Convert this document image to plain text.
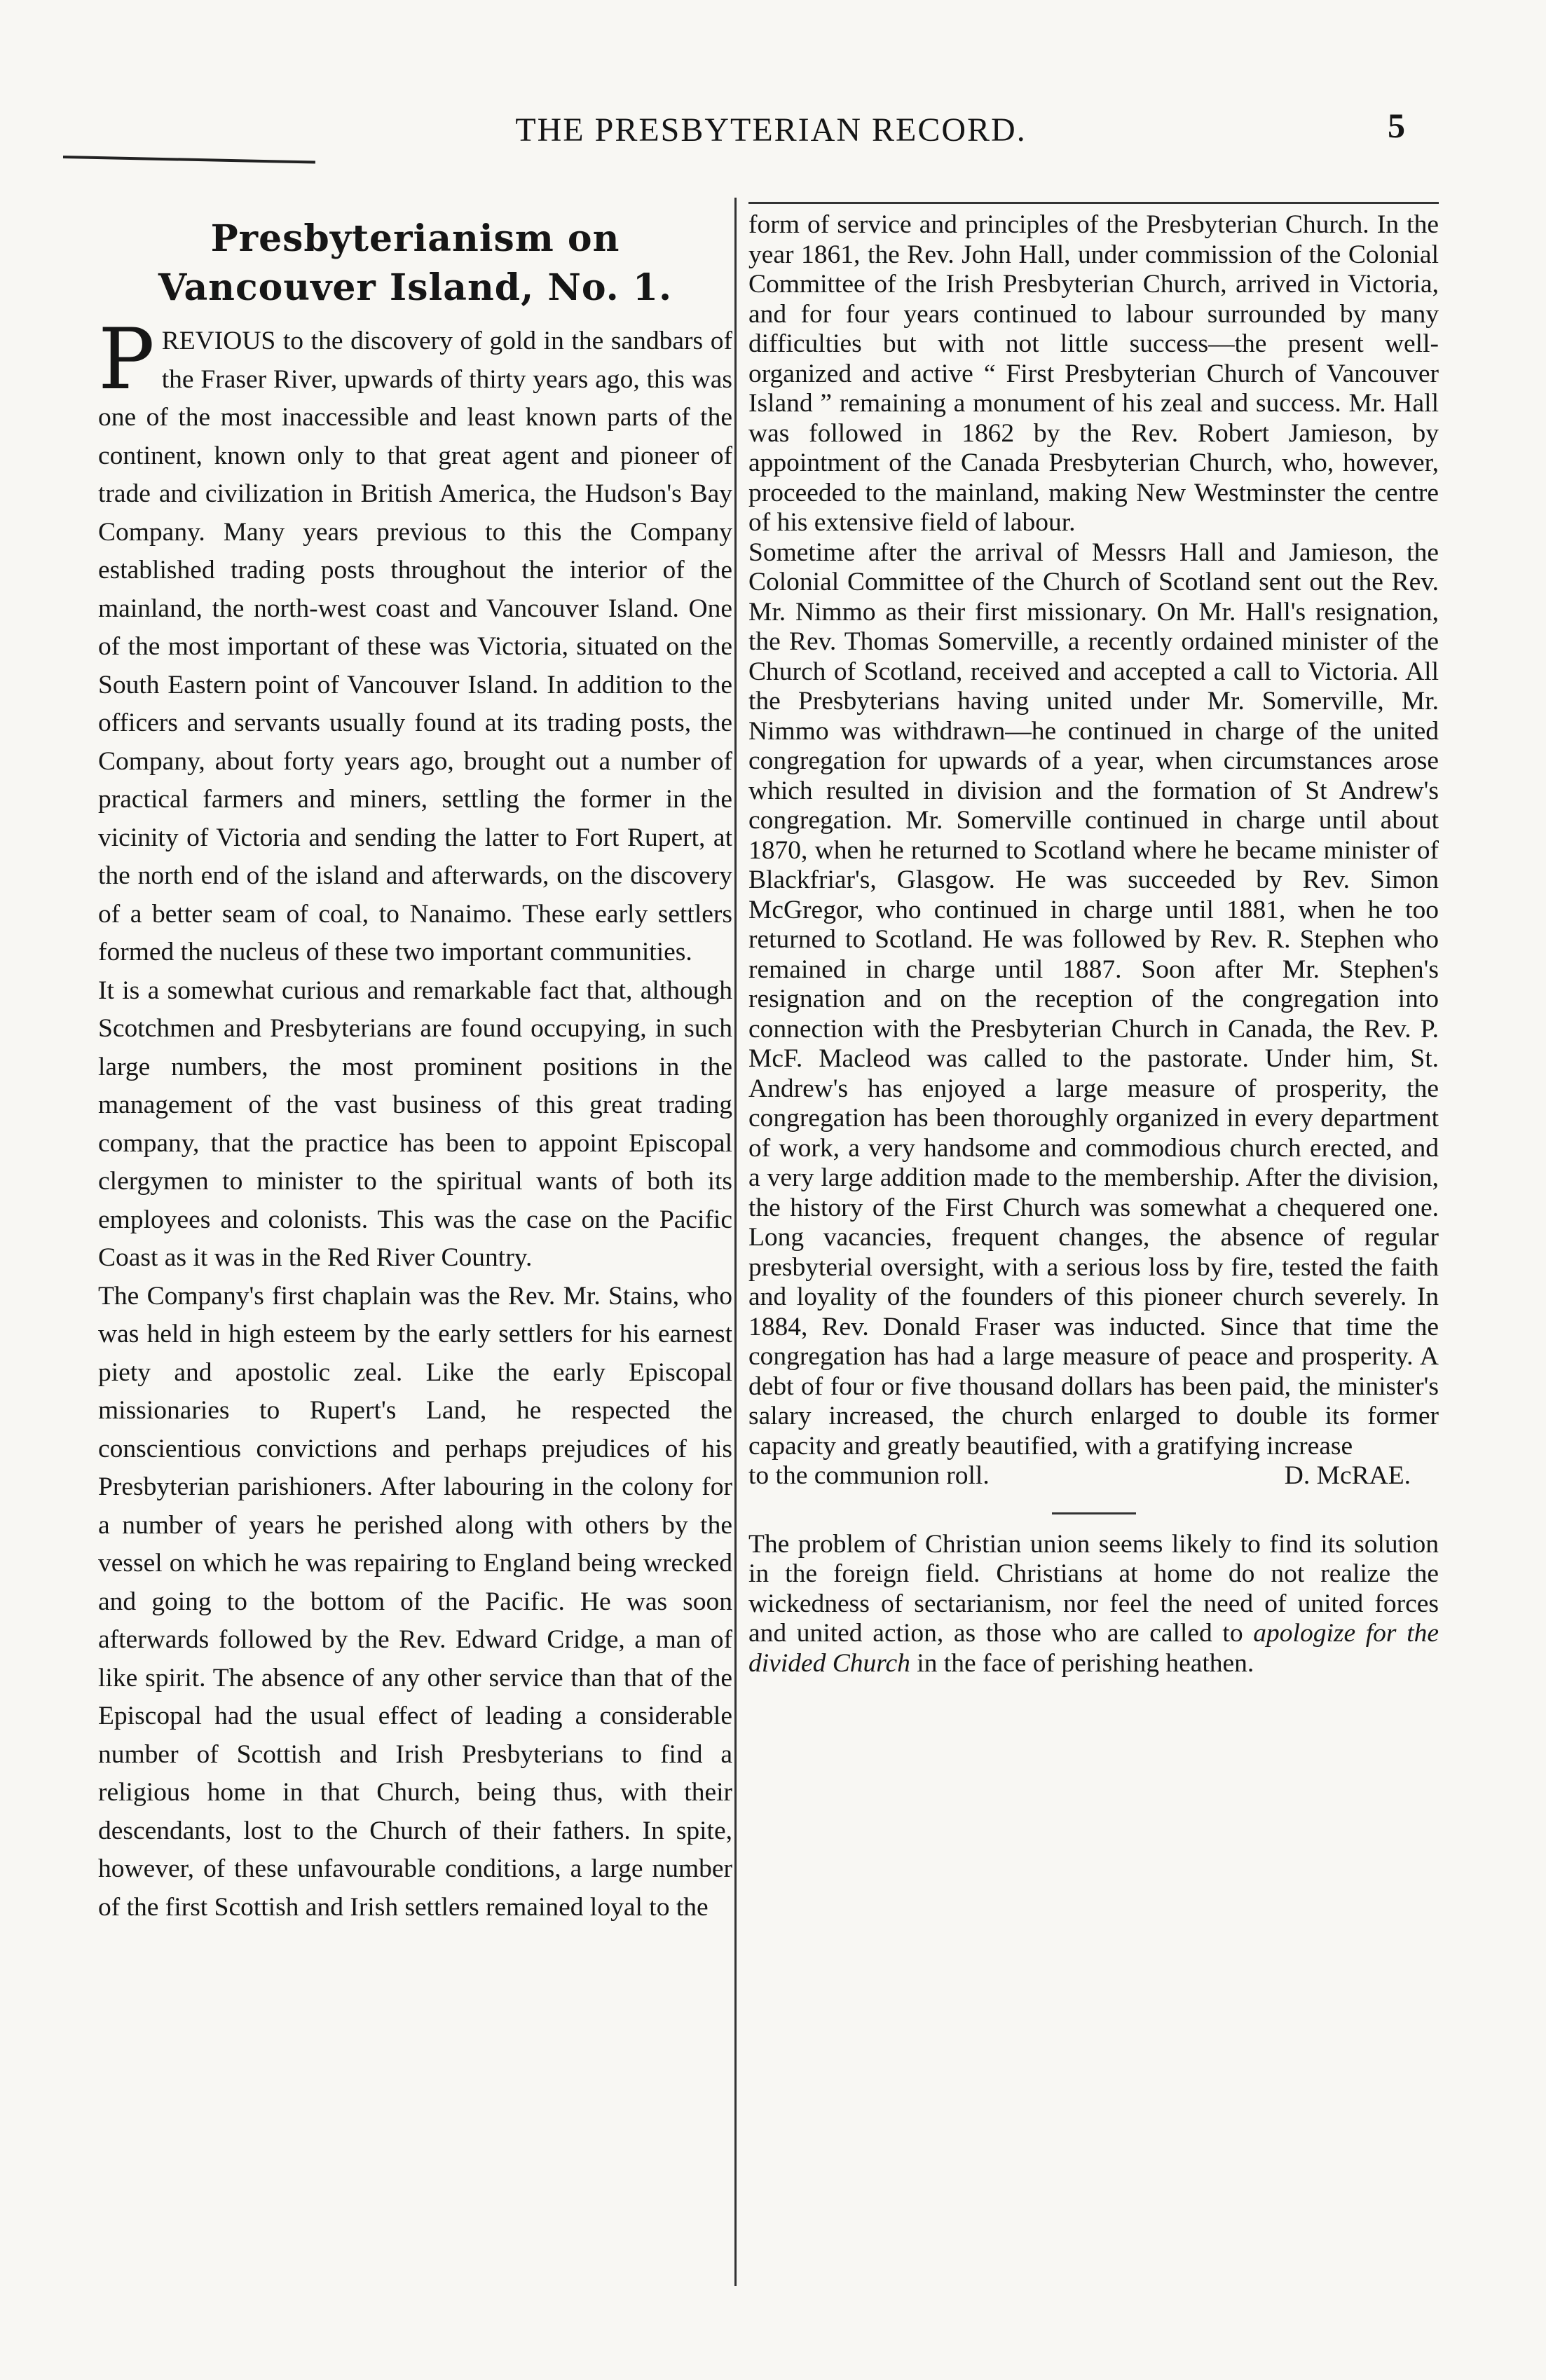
THE PRESBYTERIAN RECORD.	5
Presbyterianism on Vancouver Island, No. 1.

PREVIOUS to the discovery of gold in the sandbars of the Fraser River, upwards of thirty years ago, this was one of the most inaccessible and least known parts of the continent, known only to that great agent and pioneer of trade and civilization in British America, the Hudson's Bay Company. Many years previous to this the Company established trading posts throughout the interior of the mainland, the north-west coast and Vancouver Island. One of the most important of these was Victoria, situated on the South Eastern point of Vancouver Island. In addition to the officers and servants usually found at its trading posts, the Company, about forty years ago, brought out a number of practical farmers and miners, settling the former in the vicinity of Victoria and sending the latter to Fort Rupert, at the north end of the island and afterwards, on the discovery of a better seam of coal, to Nanaimo. These early settlers formed the nucleus of these two important communities.

It is a somewhat curious and remarkable fact that, although Scotchmen and Presbyterians are found occupying, in such large numbers, the most prominent positions in the management of the vast business of this great trading company, that the practice has been to appoint Episcopal clergymen to minister to the spiritual wants of both its employees and colonists. This was the case on the Pacific Coast as it was in the Red River Country.

The Company's first chaplain was the Rev. Mr. Stains, who was held in high esteem by the early settlers for his earnest piety and apostolic zeal. Like the early Episcopal missionaries to Rupert's Land, he respected the conscientious convictions and perhaps prejudices of his Presbyterian parishioners. After labouring in the colony for a number of years he perished along with others by the vessel on which he was repairing to England being wrecked and going to the bottom of the Pacific. He was soon afterwards followed by the Rev. Edward Cridge, a man of like spirit. The absence of any other service than that of the Episcopal had the usual effect of leading a considerable number of Scottish and Irish Presbyterians to find a religious home in that Church, being thus, with their descendants, lost to the Church of their fathers. In spite, however, of these unfavourable conditions, a large number of the first Scottish and Irish settlers remained loyal to the

form of service and principles of the Presbyterian Church. In the year 1861, the Rev. John Hall, under commission of the Colonial Committee of the Irish Presbyterian Church, arrived in Victoria, and for four years continued to labour surrounded by many difficulties but with not little success—the present well-organized and active “ First Presbyterian Church of Vancouver Island ” remaining a monument of his zeal and success. Mr. Hall was followed in 1862 by the Rev. Robert Jamieson, by appointment of the Canada Presbyterian Church, who, however, proceeded to the mainland, making New Westminster the centre of his extensive field of labour.

Sometime after the arrival of Messrs Hall and Jamieson, the Colonial Committee of the Church of Scotland sent out the Rev. Mr. Nimmo as their first missionary. On Mr. Hall's resignation, the Rev. Thomas Somerville, a recently ordained minister of the Church of Scotland, received and accepted a call to Victoria. All the Presbyterians having united under Mr. Somerville, Mr. Nimmo was withdrawn—he continued in charge of the united congregation for upwards of a year, when circumstances arose which resulted in division and the formation of St Andrew's congregation. Mr. Somerville continued in charge until about 1870, when he returned to Scotland where he became minister of Blackfriar's, Glasgow. He was succeeded by Rev. Simon McGregor, who continued in charge until 1881, when he too returned to Scotland. He was followed by Rev. R. Stephen who remained in charge until 1887. Soon after Mr. Stephen's resignation and on the reception of the congregation into connection with the Presbyterian Church in Canada, the Rev. P. McF. Macleod was called to the pastorate. Under him, St. Andrew's has enjoyed a large measure of prosperity, the congregation has been thoroughly organized in every department of work, a very handsome and commodious church erected, and a very large addition made to the membership. After the division, the history of the First Church was somewhat a chequered one. Long vacancies, frequent changes, the absence of regular presbyterial oversight, with a serious loss by fire, tested the faith and loyality of the founders of this pioneer church severely. In 1884, Rev. Donald Fraser was inducted. Since that time the congregation has had a large measure of peace and prosperity. A debt of four or five thousand dollars has been paid, the minister's salary increased, the church enlarged to double its former capacity and greatly beautified, with a gratifying increase

to the communion roll.	D. McRAE.
The problem of Christian union seems likely to find its solution in the foreign field. Christians at home do not realize the wickedness of sectarianism, nor feel the need of united forces and united action, as those who are called to apologize for the divided Church in the face of perishing heathen.
